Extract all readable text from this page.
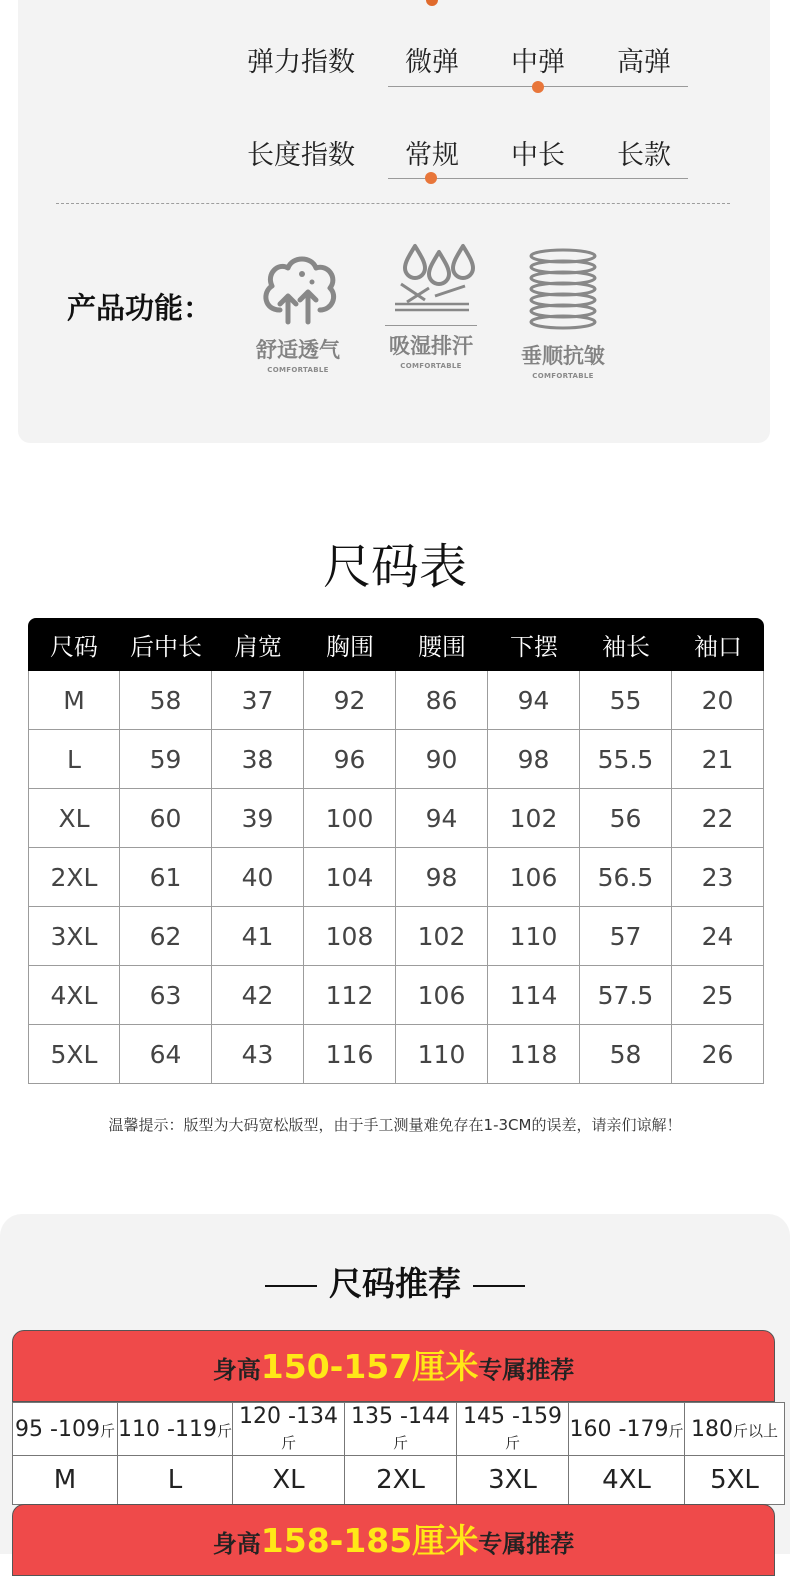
弹力指数	微弹	中弹	高弹
长度指数	常规	中长	长款
产品功能：
舒适透气
COMFORTABLE
吸湿排汗
COMFORTABLE	垂顺抗皱
COMFORTABLE
尺码表
尺码	后中长	肩宽	胸围	腰围	下摆	袖长	袖口
M	58	37	92	86	94	55	20
L	59	38	96	90	98	55.5	21
XL	60	39	100	94	102	56	22
2XL	61	40	104	98	106	56.5	23
3XL	62	41	108	102	110	57	24
4XL	63	42	112	106	114	57.5	25
5XL	64	43	116	110	118	58	26
温馨提示：版型为大码宽松版型，由于手工测量难免存在1-3CM的误差，请亲们谅解！
尺码推荐
身高150-157厘米专属推荐
95 -109斤	110 -119斤	120 -134斤	135 -144斤	145 -159斤	160 -179斤	180斤以上
M	L	XL	2XL	3XL	4XL	5XL
身高158-185厘米专属推荐
